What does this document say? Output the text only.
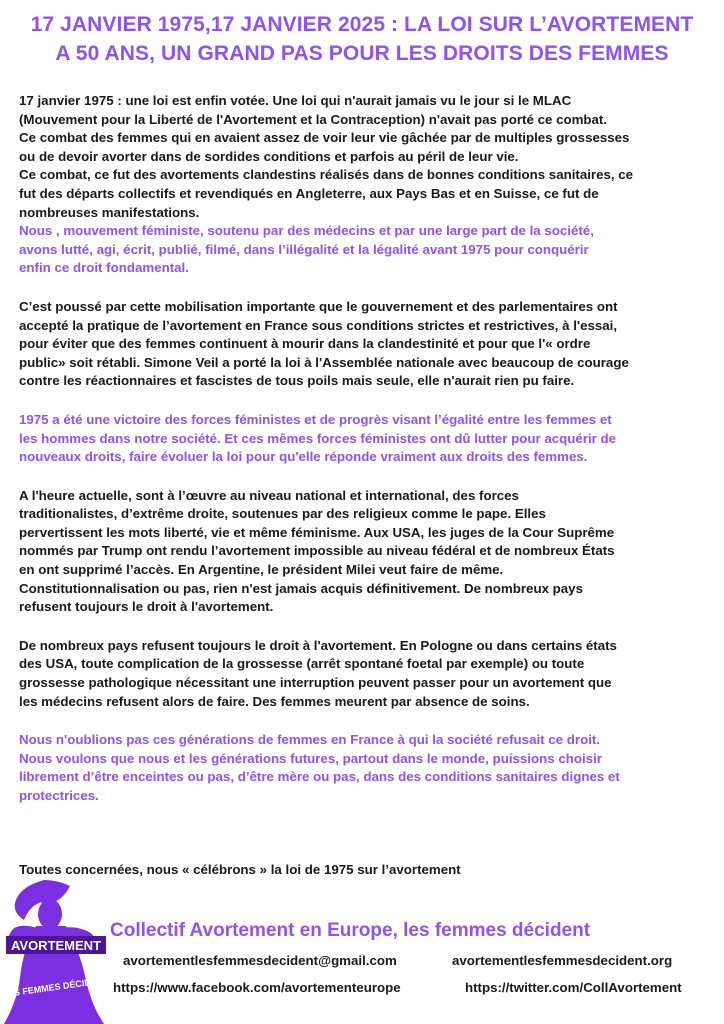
17 JANVIER 1975,17 JANVIER 2025 : LA LOI SUR L’AVORTEMENT
A 50 ANS, UN GRAND PAS POUR LES DROITS DES FEMMES

17 janvier 1975 : une loi est enfin votée. Une loi qui n'aurait jamais vu le jour si le MLAC
(Mouvement pour la Liberté de l'Avortement et la Contraception) n'avait pas porté ce combat.
Ce combat des femmes qui en avaient assez de voir leur vie gâchée par de multiples grossesses
ou de devoir avorter dans de sordides conditions et parfois au péril de leur vie.
Ce combat, ce fut des avortements clandestins réalisés dans de bonnes conditions sanitaires, ce
fut des départs collectifs et revendiqués en Angleterre, aux Pays Bas et en Suisse, ce fut de
nombreuses manifestations.
Nous , mouvement féministe, soutenu par des médecins et par une large part de la société,
avons lutté, agi, écrit, publié, filmé, dans l’illégalité et la légalité avant 1975 pour conquérir
enfin ce droit fondamental.

C’est poussé par cette mobilisation importante que le gouvernement et des parlementaires ont
accepté la pratique de l’avortement en France sous conditions strictes et restrictives, à l'essai,
pour éviter que des femmes continuent à mourir dans la clandestinité et pour que l'« ordre
public» soit rétabli. Simone Veil a porté la loi à l'Assemblée nationale avec beaucoup de courage
contre les réactionnaires et fascistes de tous poils mais seule, elle n'aurait rien pu faire.

1975 a été une victoire des forces féministes et de progrès visant l’égalité entre les femmes et
les hommes dans notre société. Et ces mêmes forces féministes ont dû lutter pour acquérir de
nouveaux droits, faire évoluer la loi pour qu'elle réponde vraiment aux droits des femmes.

A l'heure actuelle, sont à l’œuvre au niveau national et international, des forces
traditionalistes, d’extrême droite, soutenues par des religieux comme le pape. Elles
pervertissent les mots liberté, vie et même féminisme. Aux USA, les juges de la Cour Suprême
nommés par Trump ont rendu l’avortement impossible au niveau fédéral et de nombreux États
en ont supprimé l’accès. En Argentine, le président Milei veut faire de même.
Constitutionnalisation ou pas, rien n'est jamais acquis définitivement. De nombreux pays
refusent toujours le droit à l'avortement.

De nombreux pays refusent toujours le droit à l'avortement. En Pologne ou dans certains états
des USA, toute complication de la grossesse (arrêt spontané foetal par exemple) ou toute
grossesse pathologique nécessitant une interruption peuvent passer pour un avortement que
les médecins refusent alors de faire. Des femmes meurent par absence de soins.

Nous n'oublions pas ces générations de femmes en France à qui la société refusait ce droit.
Nous voulons que nous et les générations futures, partout dans le monde, puissions choisir
librement d’être enceintes ou pas, d’être mère ou pas, dans des conditions sanitaires dignes et
protectrices.

Toutes concernées, nous « célébrons » la loi de 1975 sur l’avortement

AVORTEMENT
LES FEMMES DÉCIDENT

Collectif Avortement en Europe, les femmes décident

avortementlesfemmesdecident@gmail.com	avortementlesfemmesdecident.org
https://www.facebook.com/avortementeurope	https://twitter.com/CollAvortement
